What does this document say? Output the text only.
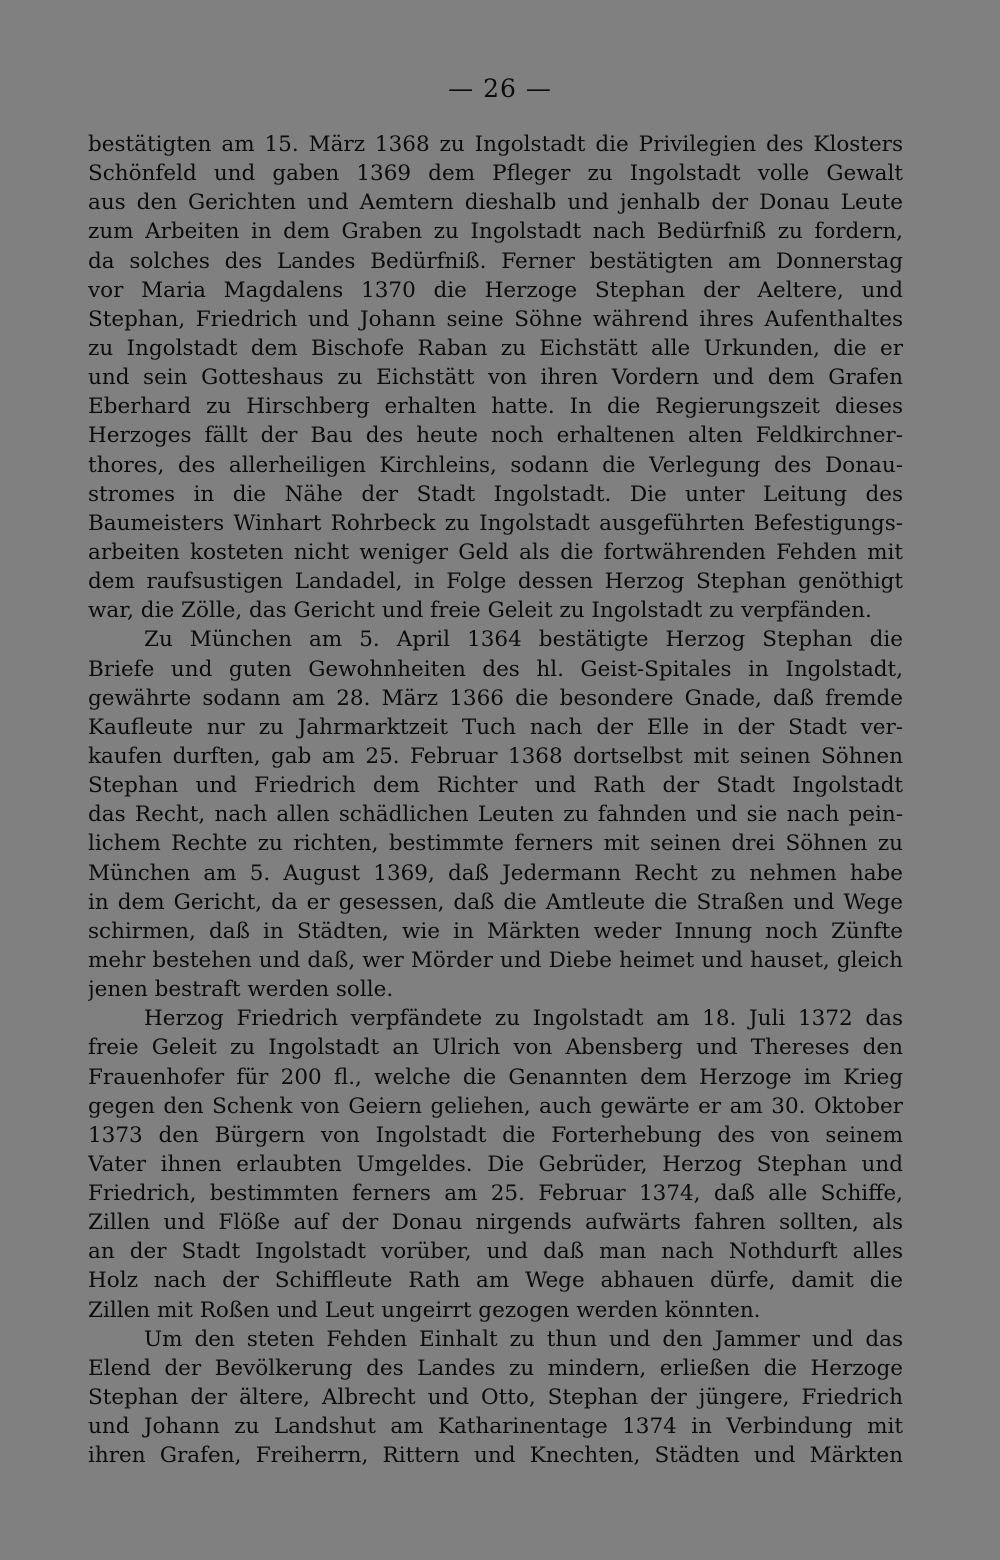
— 26 —
bestätigten am 15. März 1368 zu Ingolstadt die Privilegien des Klosters
Schönfeld und gaben 1369 dem Pfleger zu Ingolstadt volle Gewalt
aus den Gerichten und Aemtern dieshalb und jenhalb der Donau Leute
zum Arbeiten in dem Graben zu Ingolstadt nach Bedürfniß zu fordern,
da solches des Landes Bedürfniß. Ferner bestätigten am Donnerstag
vor Maria Magdalens 1370 die Herzoge Stephan der Aeltere, und
Stephan, Friedrich und Johann seine Söhne während ihres Aufenthaltes
zu Ingolstadt dem Bischofe Raban zu Eichstätt alle Urkunden, die er
und sein Gotteshaus zu Eichstätt von ihren Vordern und dem Grafen
Eberhard zu Hirschberg erhalten hatte. In die Regierungszeit dieses
Herzoges fällt der Bau des heute noch erhaltenen alten Feldkirchner-
thores, des allerheiligen Kirchleins, sodann die Verlegung des Donau-
stromes in die Nähe der Stadt Ingolstadt. Die unter Leitung des
Baumeisters Winhart Rohrbeck zu Ingolstadt ausgeführten Befestigungs-
arbeiten kosteten nicht weniger Geld als die fortwährenden Fehden mit
dem raufsustigen Landadel, in Folge dessen Herzog Stephan genöthigt
war, die Zölle, das Gericht und freie Geleit zu Ingolstadt zu verpfänden.
Zu München am 5. April 1364 bestätigte Herzog Stephan die
Briefe und guten Gewohnheiten des hl. Geist-Spitales in Ingolstadt,
gewährte sodann am 28. März 1366 die besondere Gnade, daß fremde
Kaufleute nur zu Jahrmarktzeit Tuch nach der Elle in der Stadt ver-
kaufen durften, gab am 25. Februar 1368 dortselbst mit seinen Söhnen
Stephan und Friedrich dem Richter und Rath der Stadt Ingolstadt
das Recht, nach allen schädlichen Leuten zu fahnden und sie nach pein-
lichem Rechte zu richten, bestimmte ferners mit seinen drei Söhnen zu
München am 5. August 1369, daß Jedermann Recht zu nehmen habe
in dem Gericht, da er gesessen, daß die Amtleute die Straßen und Wege
schirmen, daß in Städten, wie in Märkten weder Innung noch Zünfte
mehr bestehen und daß, wer Mörder und Diebe heimet und hauset, gleich
jenen bestraft werden solle.
Herzog Friedrich verpfändete zu Ingolstadt am 18. Juli 1372 das
freie Geleit zu Ingolstadt an Ulrich von Abensberg und Thereses den
Frauenhofer für 200 fl., welche die Genannten dem Herzoge im Krieg
gegen den Schenk von Geiern geliehen, auch gewärte er am 30. Oktober
1373 den Bürgern von Ingolstadt die Forterhebung des von seinem
Vater ihnen erlaubten Umgeldes. Die Gebrüder, Herzog Stephan und
Friedrich, bestimmten ferners am 25. Februar 1374, daß alle Schiffe,
Zillen und Flöße auf der Donau nirgends aufwärts fahren sollten, als
an der Stadt Ingolstadt vorüber, und daß man nach Nothdurft alles
Holz nach der Schiffleute Rath am Wege abhauen dürfe, damit die
Zillen mit Roßen und Leut ungeirrt gezogen werden könnten.
Um den steten Fehden Einhalt zu thun und den Jammer und das
Elend der Bevölkerung des Landes zu mindern, erließen die Herzoge
Stephan der ältere, Albrecht und Otto, Stephan der jüngere, Friedrich
und Johann zu Landshut am Katharinentage 1374 in Verbindung mit
ihren Grafen, Freiherrn, Rittern und Knechten, Städten und Märkten
